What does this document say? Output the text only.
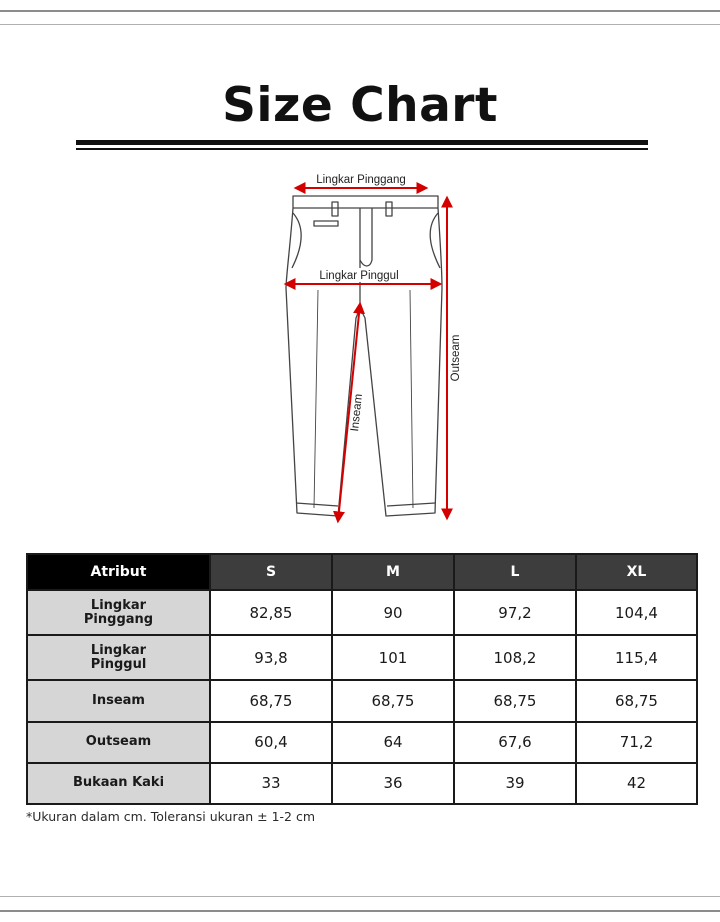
Size Chart
Lingkar Pinggang
Lingkar Pinggul
Inseam
Outseam
Atribut	S	M	L	XL
Lingkar
Pinggang	82,85	90	97,2	104,4
Lingkar
Pinggul	93,8	101	108,2	115,4
Inseam	68,75	68,75	68,75	68,75
Outseam	60,4	64	67,6	71,2
Bukaan Kaki	33	36	39	42
*Ukuran dalam cm. Toleransi ukuran ± 1-2 cm
